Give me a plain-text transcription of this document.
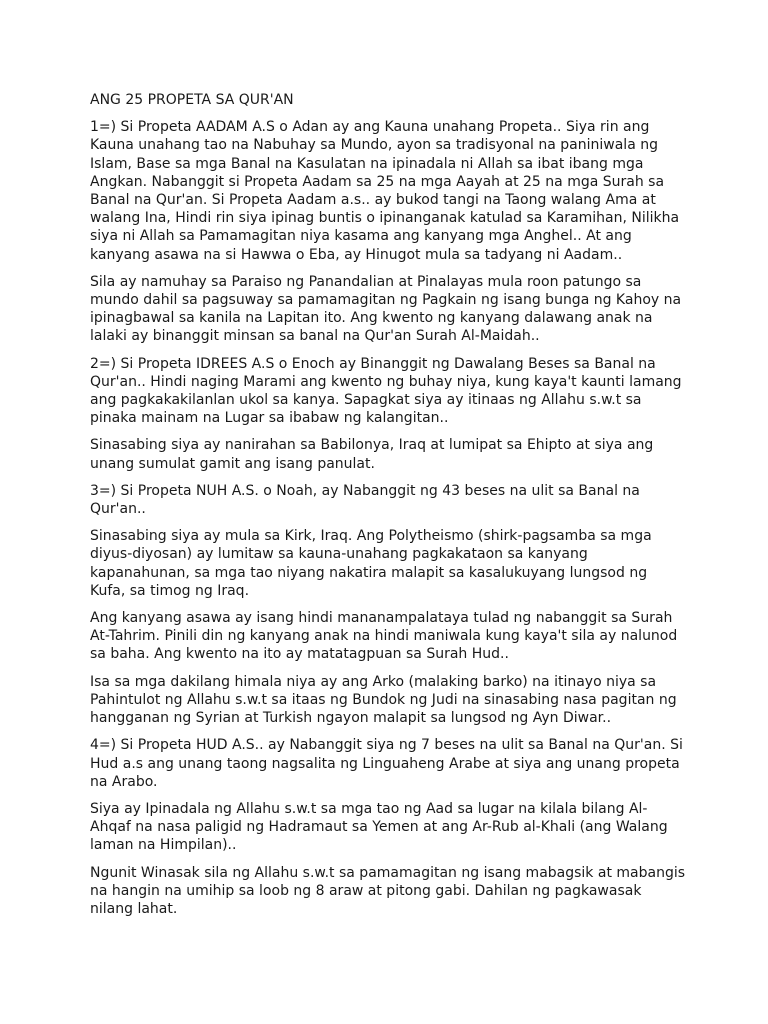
ANG 25 PROPETA SA QUR'AN

1=) Si Propeta AADAM A.S o Adan ay ang Kauna unahang Propeta.. Siya rin ang Kauna unahang tao na Nabuhay sa Mundo, ayon sa tradisyonal na paniniwala ng Islam, Base sa mga Banal na Kasulatan na ipinadala ni Allah sa ibat ibang mga Angkan. Nabanggit si Propeta Aadam sa 25 na mga Aayah at 25 na mga Surah sa Banal na Qur'an. Si Propeta Aadam a.s.. ay bukod tangi na Taong walang Ama at walang Ina, Hindi rin siya ipinag buntis o ipinanganak katulad sa Karamihan, Nilikha siya ni Allah sa Pamamagitan niya kasama ang kanyang mga Anghel.. At ang kanyang asawa na si Hawwa o Eba, ay Hinugot mula sa tadyang ni Aadam..

Sila ay namuhay sa Paraiso ng Panandalian at Pinalayas mula roon patungo sa mundo dahil sa pagsuway sa pamamagitan ng Pagkain ng isang bunga ng Kahoy na ipinagbawal sa kanila na Lapitan ito. Ang kwento ng kanyang dalawang anak na lalaki ay binanggit minsan sa banal na Qur'an Surah Al-Maidah..

2=) Si Propeta IDREES A.S o Enoch ay Binanggit ng Dawalang Beses sa Banal na Qur'an.. Hindi naging Marami ang kwento ng buhay niya, kung kaya't kaunti lamang ang pagkakakilanlan ukol sa kanya. Sapagkat siya ay itinaas ng Allahu s.w.t sa pinaka mainam na Lugar sa ibabaw ng kalangitan..

Sinasabing siya ay nanirahan sa Babilonya, Iraq at lumipat sa Ehipto at siya ang unang sumulat gamit ang isang panulat.

3=) Si Propeta NUH A.S. o Noah, ay Nabanggit ng 43 beses na ulit sa Banal na Qur'an..

Sinasabing siya ay mula sa Kirk, Iraq. Ang Polytheismo (shirk-pagsamba sa mga diyus-diyosan) ay lumitaw sa kauna-unahang pagkakataon sa kanyang kapanahunan, sa mga tao niyang nakatira malapit sa kasalukuyang lungsod ng Kufa, sa timog ng Iraq.

Ang kanyang asawa ay isang hindi mananampalataya tulad ng nabanggit sa Surah At-Tahrim. Pinili din ng kanyang anak na hindi maniwala kung kaya't sila ay nalunod sa baha. Ang kwento na ito ay matatagpuan sa Surah Hud..

Isa sa mga dakilang himala niya ay ang Arko (malaking barko) na itinayo niya sa Pahintulot ng Allahu s.w.t sa itaas ng Bundok ng Judi na sinasabing nasa pagitan ng hangganan ng Syrian at Turkish ngayon malapit sa lungsod ng Ayn Diwar..

4=) Si Propeta HUD A.S.. ay Nabanggit siya ng 7 beses na ulit sa Banal na Qur'an. Si Hud a.s ang unang taong nagsalita ng Linguaheng Arabe at siya ang unang propeta na Arabo.

Siya ay Ipinadala ng Allahu s.w.t sa mga tao ng Aad sa lugar na kilala bilang Al-Ahqaf na nasa paligid ng Hadramaut sa Yemen at ang Ar-Rub al-Khali (ang Walang laman na Himpilan)..

Ngunit Winasak sila ng Allahu s.w.t sa pamamagitan ng isang mabagsik at mabangis na hangin na umihip sa loob ng 8 araw at pitong gabi. Dahilan ng pagkawasak nilang lahat.
